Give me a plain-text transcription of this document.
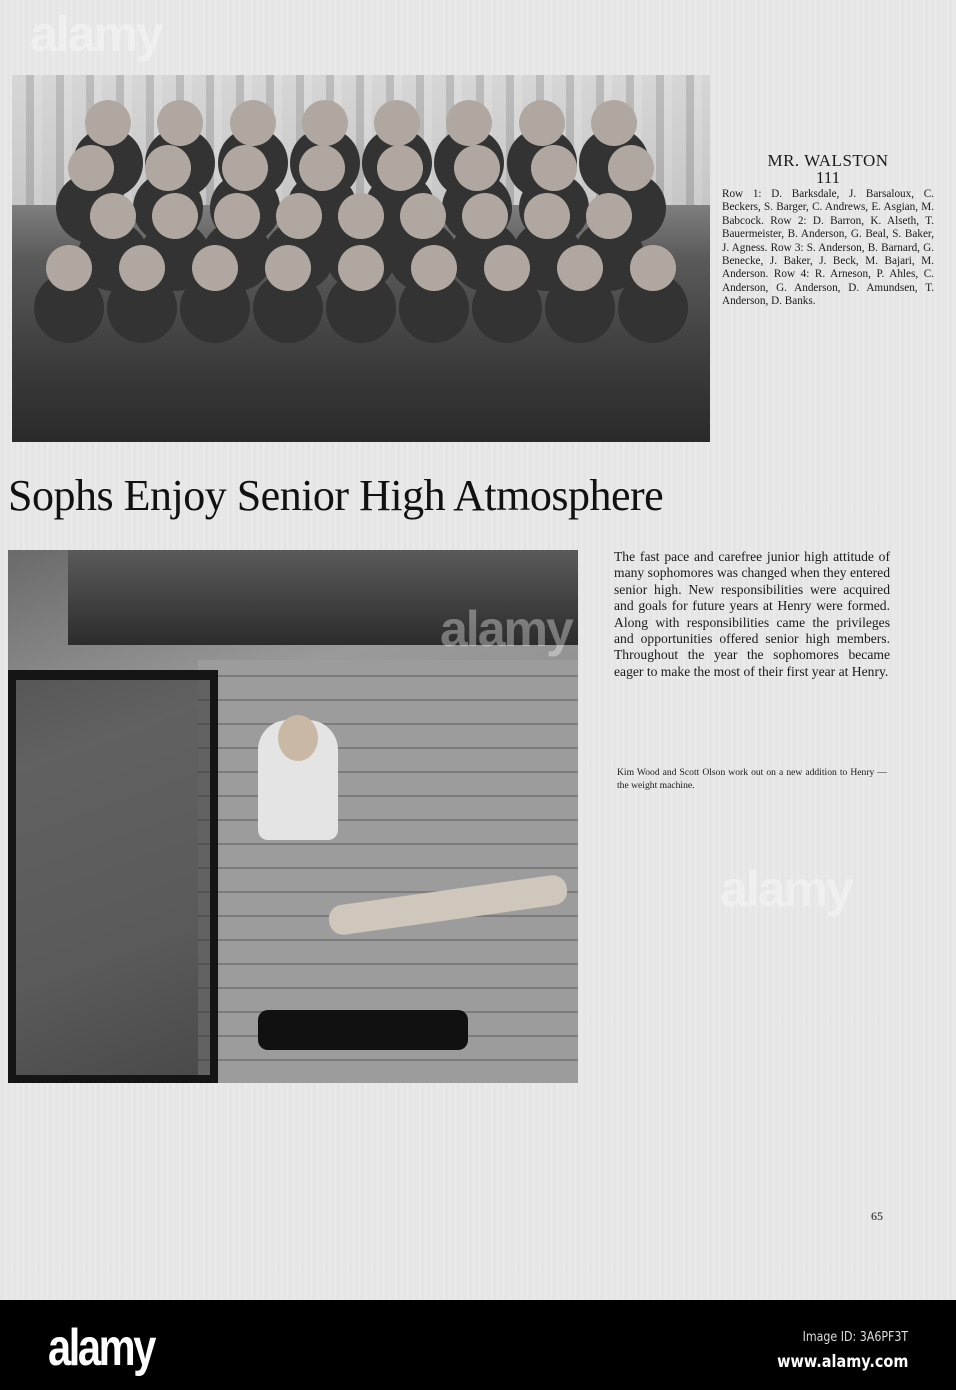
MR. WALSTON
111
Row 1: D. Barksdale, J. Barsaloux, C. Beckers, S. Barger, C. Andrews, E. Asgian, M. Babcock. Row 2: D. Barron, K. Alseth, T. Bauermeister, B. Anderson, G. Beal, S. Baker, J. Agness. Row 3: S. Anderson, B. Barnard, G. Benecke, J. Baker, J. Beck, M. Bajari, M. Anderson. Row 4: R. Arneson, P. Ahles, C. Anderson, G. Anderson, D. Amundsen, T. Anderson, D. Banks.
Sophs Enjoy Senior High Atmosphere
The fast pace and carefree junior high attitude of many sophomores was changed when they entered senior high. New responsibilities were acquired and goals for future years at Henry were formed. Along with responsibilities came the privileges and opportunities offered senior high members. Throughout the year the sophomores became eager to make the most of their first year at Henry.
Kim Wood and Scott Olson work out on a new addition to Henry — the weight machine.
65
alamy
alamy
alamy
alamy	Image ID: 3A6PF3T
www.alamy.com
